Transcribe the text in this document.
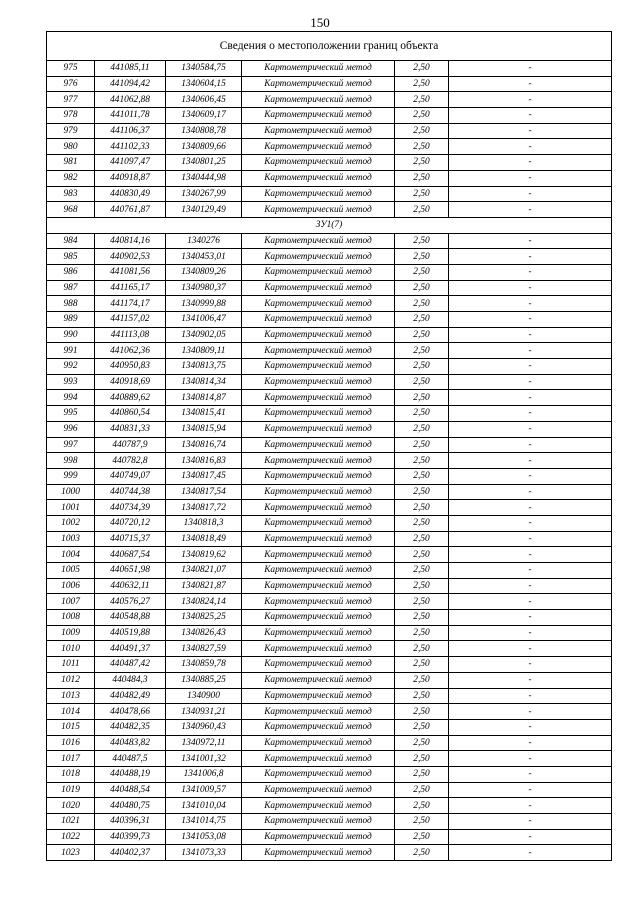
150
Сведения о местоположении границ объекта					
975	441085,11	1340584,75	Картометрический метод	2,50	-
976	441094,42	1340604,15	Картометрический метод	2,50	-
977	441062,88	1340606,45	Картометрический метод	2,50	-
978	441011,78	1340609,17	Картометрический метод	2,50	-
979	441106,37	1340808,78	Картометрический метод	2,50	-
980	441102,33	1340809,66	Картометрический метод	2,50	-
981	441097,47	1340801,25	Картометрический метод	2,50	-
982	440918,87	1340444,98	Картометрический метод	2,50	-
983	440830,49	1340267,99	Картометрический метод	2,50	-
968	440761,87	1340129,49	Картометрический метод	2,50	-
ЗУ1(7)					
984	440814,16	1340276	Картометрический метод	2,50	-
985	440902,53	1340453,01	Картометрический метод	2,50	-
986	441081,56	1340809,26	Картометрический метод	2,50	-
987	441165,17	1340980,37	Картометрический метод	2,50	-
988	441174,17	1340999,88	Картометрический метод	2,50	-
989	441157,02	1341006,47	Картометрический метод	2,50	-
990	441113,08	1340902,05	Картометрический метод	2,50	-
991	441062,36	1340809,11	Картометрический метод	2,50	-
992	440950,83	1340813,75	Картометрический метод	2,50	-
993	440918,69	1340814,34	Картометрический метод	2,50	-
994	440889,62	1340814,87	Картометрический метод	2,50	-
995	440860,54	1340815,41	Картометрический метод	2,50	-
996	440831,33	1340815,94	Картометрический метод	2,50	-
997	440787,9	1340816,74	Картометрический метод	2,50	-
998	440782,8	1340816,83	Картометрический метод	2,50	-
999	440749,07	1340817,45	Картометрический метод	2,50	-
1000	440744,38	1340817,54	Картометрический метод	2,50	-
1001	440734,39	1340817,72	Картометрический метод	2,50	-
1002	440720,12	1340818,3	Картометрический метод	2,50	-
1003	440715,37	1340818,49	Картометрический метод	2,50	-
1004	440687,54	1340819,62	Картометрический метод	2,50	-
1005	440651,98	1340821,07	Картометрический метод	2,50	-
1006	440632,11	1340821,87	Картометрический метод	2,50	-
1007	440576,27	1340824,14	Картометрический метод	2,50	-
1008	440548,88	1340825,25	Картометрический метод	2,50	-
1009	440519,88	1340826,43	Картометрический метод	2,50	-
1010	440491,37	1340827,59	Картометрический метод	2,50	-
1011	440487,42	1340859,78	Картометрический метод	2,50	-
1012	440484,3	1340885,25	Картометрический метод	2,50	-
1013	440482,49	1340900	Картометрический метод	2,50	-
1014	440478,66	1340931,21	Картометрический метод	2,50	-
1015	440482,35	1340960,43	Картометрический метод	2,50	-
1016	440483,82	1340972,11	Картометрический метод	2,50	-
1017	440487,5	1341001,32	Картометрический метод	2,50	-
1018	440488,19	1341006,8	Картометрический метод	2,50	-
1019	440488,54	1341009,57	Картометрический метод	2,50	-
1020	440480,75	1341010,04	Картометрический метод	2,50	-
1021	440396,31	1341014,75	Картометрический метод	2,50	-
1022	440399,73	1341053,08	Картометрический метод	2,50	-
1023	440402,37	1341073,33	Картометрический метод	2,50	-
